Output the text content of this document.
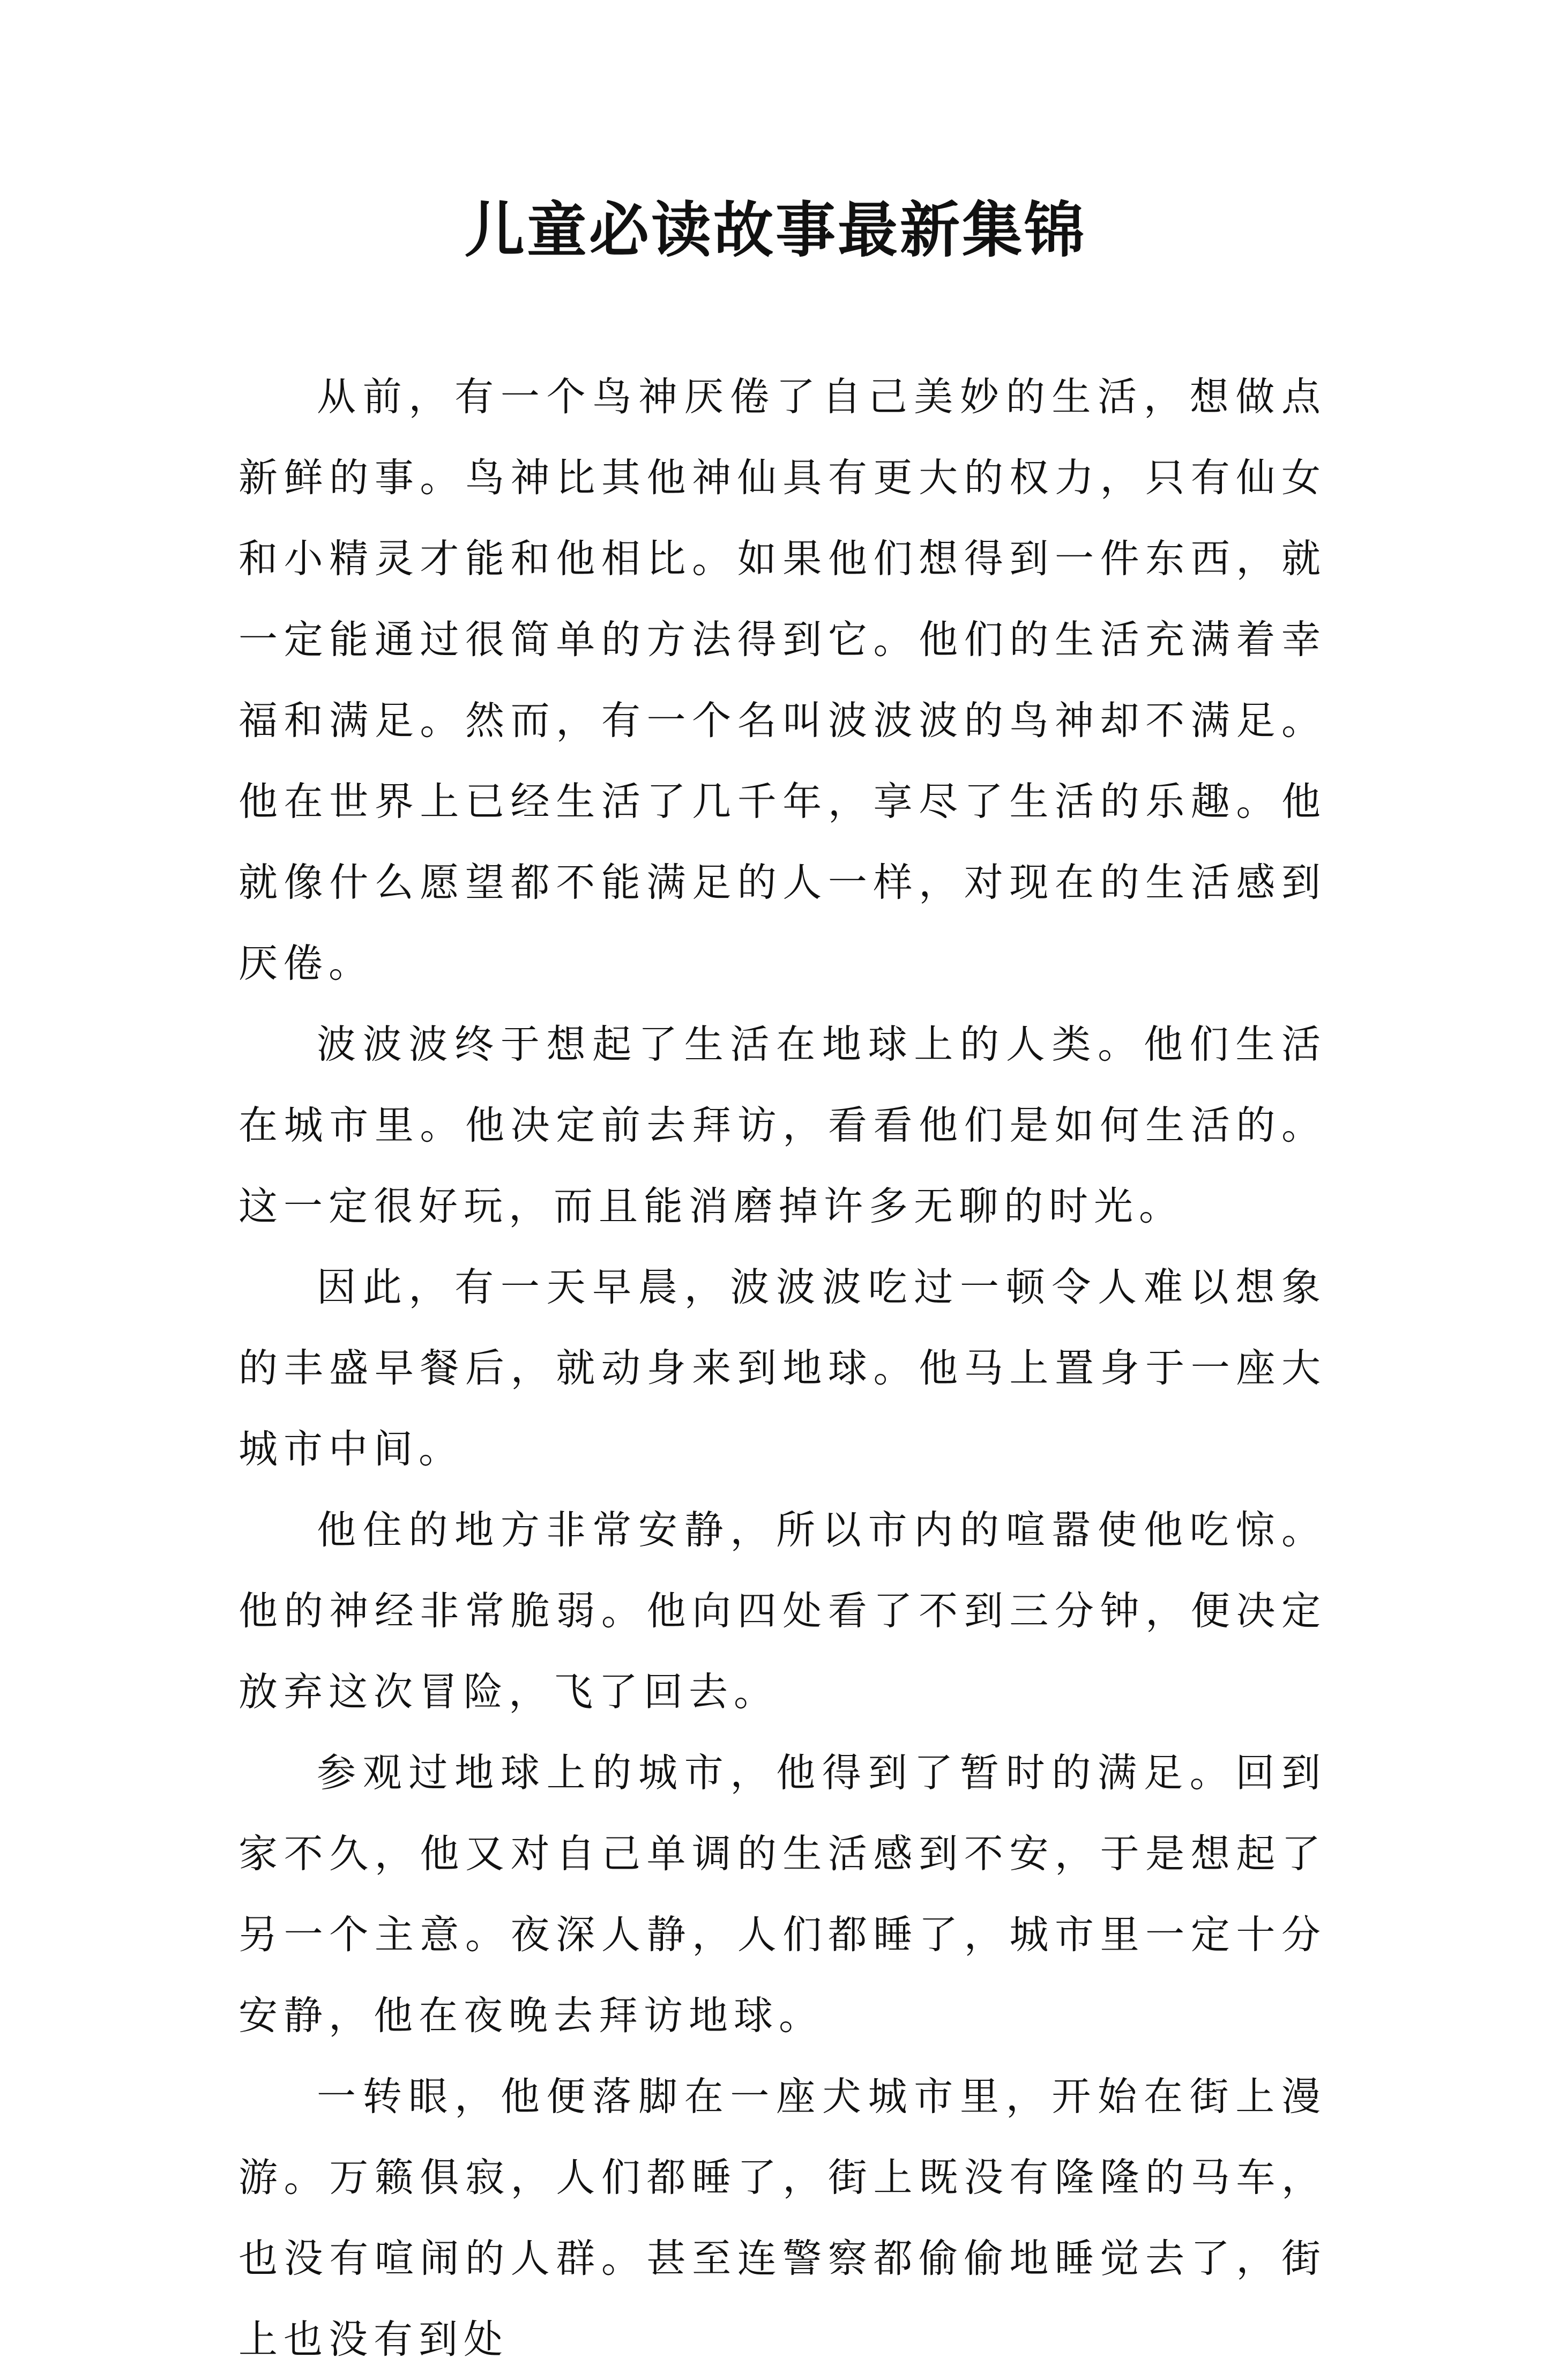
儿童必读故事最新集锦

从前，有一个鸟神厌倦了自己美妙的生活，想做点新鲜的事。鸟神比其他神仙具有更大的权力，只有仙女和小精灵才能和他相比。如果他们想得到一件东西，就一定能通过很简单的方法得到它。他们的生活充满着幸福和满足。然而，有一个名叫波波波的鸟神却不满足。他在世界上已经生活了几千年，享尽了生活的乐趣。他就像什么愿望都不能满足的人一样，对现在的生活感到厌倦。

波波波终于想起了生活在地球上的人类。他们生活在城市里。他决定前去拜访，看看他们是如何生活的。这一定很好玩，而且能消磨掉许多无聊的时光。

因此，有一天早晨，波波波吃过一顿令人难以想象的丰盛早餐后，就动身来到地球。他马上置身于一座大城市中间。

他住的地方非常安静，所以市内的喧嚣使他吃惊。他的神经非常脆弱。他向四处看了不到三分钟，便决定放弃这次冒险，飞了回去。

参观过地球上的城市，他得到了暂时的满足。回到家不久，他又对自己单调的生活感到不安，于是想起了另一个主意。夜深人静，人们都睡了，城市里一定十分安静，他在夜晚去拜访地球。

一转眼，他便落脚在一座犬城市里，开始在街上漫游。万籁俱寂，人们都睡了，街上既没有隆隆的马车，也没有喧闹的人群。甚至连警察都偷偷地睡觉去了，街上也没有到处
